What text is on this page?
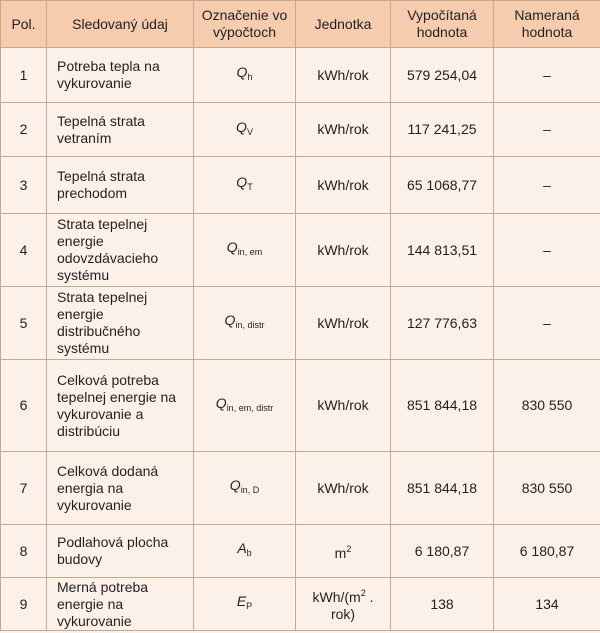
Pol.	Sledovaný údaj	Označenie vo výpočtoch	Jednotka	Vypočítaná hodnota	Nameraná hodnota
1	Potreba tepla na vykurovanie	$Q_h$	kWh/rok	579 254,04	–
2	Tepelná strata vetraním	$Q_V$	kWh/rok	117 241,25	–
3	Tepelná strata prechodom	$Q_T$	kWh/rok	65 1068,77	–
4	Strata tepelnej energie odovzdávacieho systému	$Q_{in, em}$	kWh/rok	144 813,51	–
5	Strata tepelnej energie distribučného systému	$Q_{in, distr}$	kWh/rok	127 776,63	–
6	Celková potreba tepelnej energie na vykurovanie a distribúciu	$Q_{in, em, distr}$	kWh/rok	851 844,18	830 550
7	Celková dodaná energia na vykurovanie	$Q_{in, D}$	kWh/rok	851 844,18	830 550
8	Podlahová plocha budovy	$A_b$	$m^2$	6 180,87	6 180,87
9	Merná potreba energie na vykurovanie	$E_P$	kWh/($m^2$ . rok)	138	134
